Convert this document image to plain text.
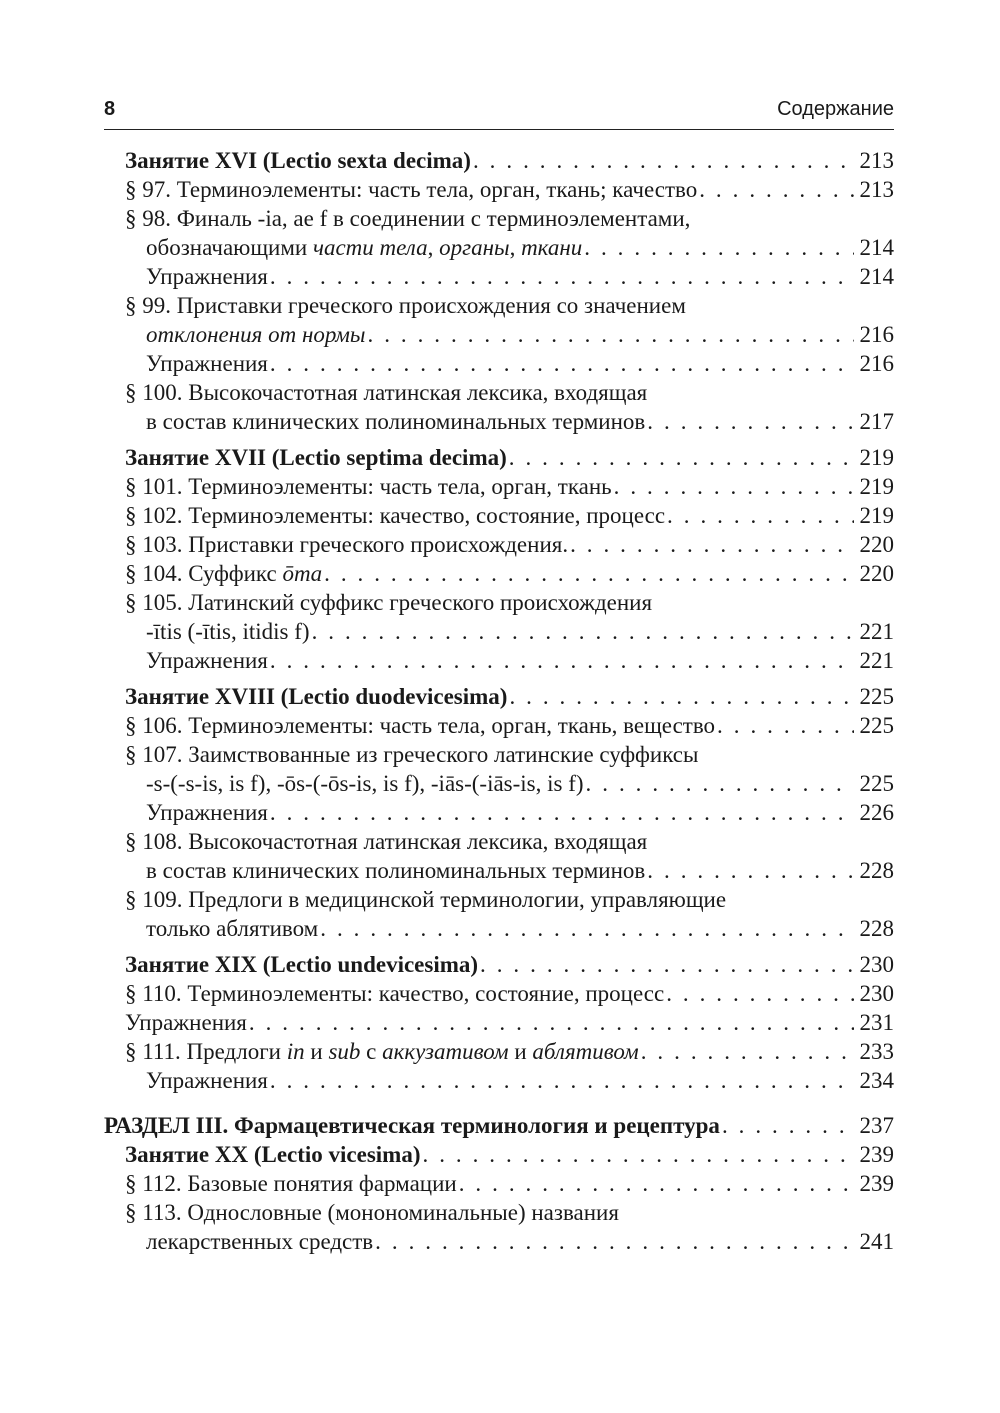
8	Содержание
Занятие XVI (Lectio sexta decima) . . .	213
§ 97. Терминоэлементы: часть тела, орган, ткань; качество . . .	213
§ 98. Финаль -ia, ae f в соединении с терминоэлементами,
обозначающими части тела, органы, ткани . . .	214
Упражнения . . .	214
§ 99. Приставки греческого происхождения со значением
отклонения от нормы . . .	216
Упражнения . . .	216
§ 100. Высокочастотная латинская лексика, входящая
в состав клинических полиноминальных терминов . . .	217
Занятие XVII (Lectio septima decima) . . .	219
§ 101. Терминоэлементы: часть тела, орган, ткань . . .	219
§ 102. Терминоэлементы: качество, состояние, процесс . . .	219
§ 103. Приставки греческого происхождения. . . .	220
§ 104. Суффикс ōma . . .	220
§ 105. Латинский суффикс греческого происхождения
-ītis (-ītis, itidis f) . . .	221
Упражнения . . .	221
Занятие XVIII (Lectio duodevicesima) . . .	225
§ 106. Терминоэлементы: часть тела, орган, ткань, вещество . . .	225
§ 107. Заимствованные из греческого латинские суффиксы
-s-(-s-is, is f), -ōs-(-ōs-is, is f), -iās-(-iās-is, is f) . . .	225
Упражнения . . .	226
§ 108. Высокочастотная латинская лексика, входящая
в состав клинических полиноминальных терминов . . .	228
§ 109. Предлоги в медицинской терминологии, управляющие
только аблятивом . . .	228
Занятие XIX (Lectio undevicesima) . . .	230
§ 110. Терминоэлементы: качество, состояние, процесс . . .	230
Упражнения . . .	231
§ 111. Предлоги in и sub с аккузативом и аблятивом . . .	233
Упражнения . . .	234
РАЗДЕЛ III. Фармацевтическая терминология и рецептура . . .	237
Занятие XX (Lectio vicesima) . . .	239
§ 112. Базовые понятия фармации . . .	239
§ 113. Однословные (монономинальные) названия
лекарственных средств . . .	241
